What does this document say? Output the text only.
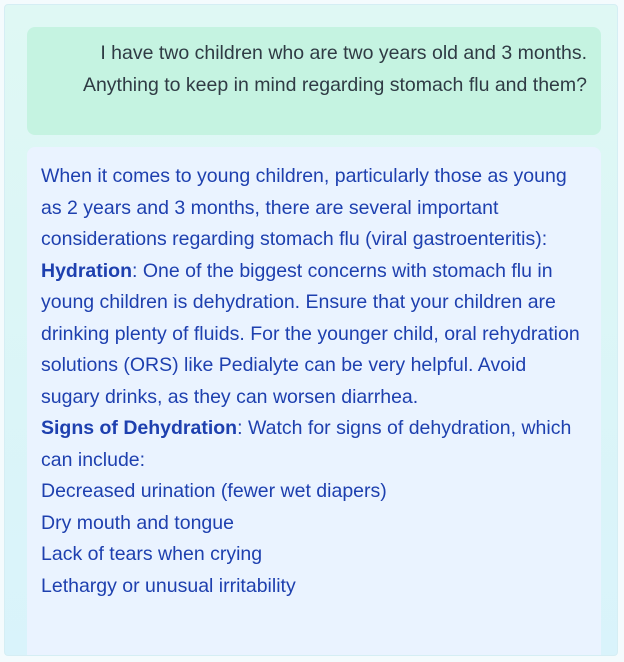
I have two children who are two years old and 3 months. Anything to keep in mind regarding stomach flu and them?
When it comes to young children, particularly those as young as 2 years and 3 months, there are several important considerations regarding stomach flu (viral gastroenteritis):
Hydration: One of the biggest concerns with stomach flu in young children is dehydration. Ensure that your children are drinking plenty of fluids. For the younger child, oral rehydration solutions (ORS) like Pedialyte can be very helpful. Avoid sugary drinks, as they can worsen diarrhea.
Signs of Dehydration: Watch for signs of dehydration, which can include:
Decreased urination (fewer wet diapers)
Dry mouth and tongue
Lack of tears when crying
Lethargy or unusual irritability
